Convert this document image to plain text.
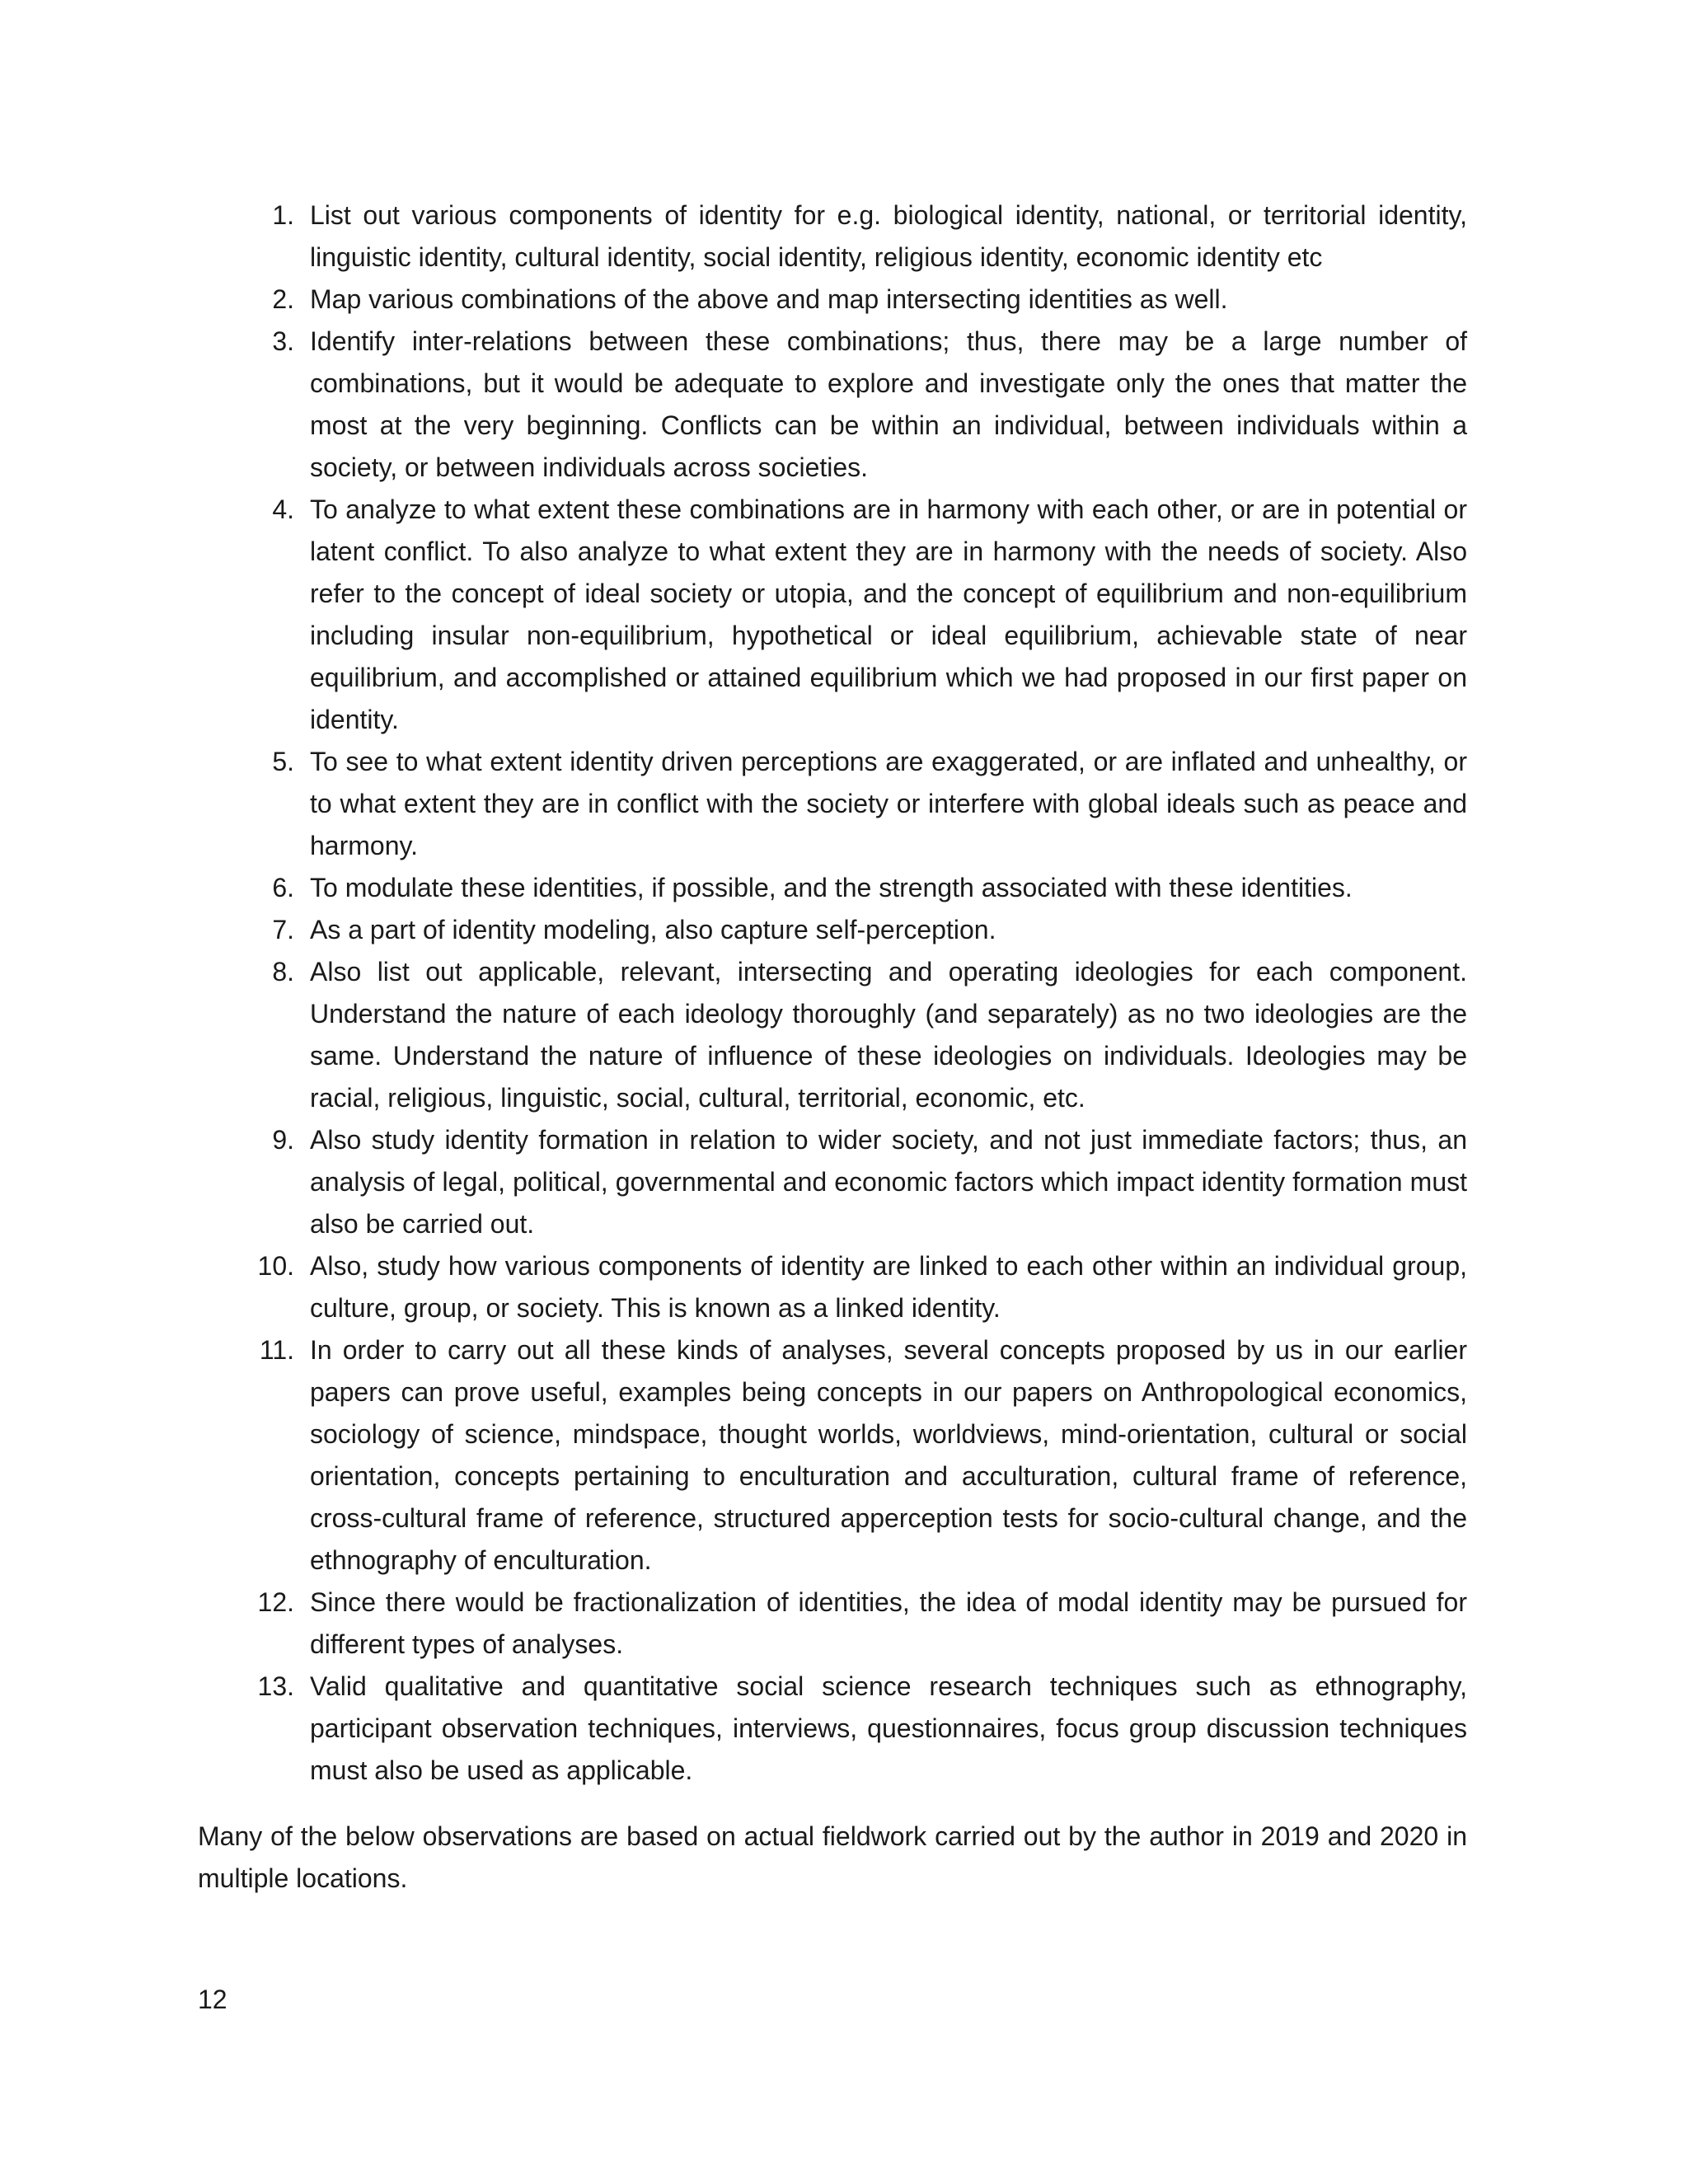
1. List out various components of identity for e.g. biological identity, national, or territorial identity, linguistic identity, cultural identity, social identity, religious identity, economic identity etc
2. Map various combinations of the above and map intersecting identities as well.
3. Identify inter-relations between these combinations; thus, there may be a large number of combinations, but it would be adequate to explore and investigate only the ones that matter the most at the very beginning. Conflicts can be within an individual, between individuals within a society, or between individuals across societies.
4. To analyze to what extent these combinations are in harmony with each other, or are in potential or latent conflict. To also analyze to what extent they are in harmony with the needs of society. Also refer to the concept of ideal society or utopia, and the concept of equilibrium and non-equilibrium including insular non-equilibrium, hypothetical or ideal equilibrium, achievable state of near equilibrium, and accomplished or attained equilibrium which we had proposed in our first paper on identity.
5. To see to what extent identity driven perceptions are exaggerated, or are inflated and unhealthy, or to what extent they are in conflict with the society or interfere with global ideals such as peace and harmony.
6. To modulate these identities, if possible, and the strength associated with these identities.
7. As a part of identity modeling, also capture self-perception.
8. Also list out applicable, relevant, intersecting and operating ideologies for each component. Understand the nature of each ideology thoroughly (and separately) as no two ideologies are the same. Understand the nature of influence of these ideologies on individuals. Ideologies may be racial, religious, linguistic, social, cultural, territorial, economic, etc.
9. Also study identity formation in relation to wider society, and not just immediate factors; thus, an analysis of legal, political, governmental and economic factors which impact identity formation must also be carried out.
10. Also, study how various components of identity are linked to each other within an individual group, culture, group, or society. This is known as a linked identity.
11. In order to carry out all these kinds of analyses, several concepts proposed by us in our earlier papers can prove useful, examples being concepts in our papers on Anthropological economics, sociology of science, mindspace, thought worlds, worldviews, mind-orientation, cultural or social orientation, concepts pertaining to enculturation and acculturation, cultural frame of reference, cross-cultural frame of reference, structured apperception tests for socio-cultural change, and the ethnography of enculturation.
12. Since there would be fractionalization of identities, the idea of modal identity may be pursued for different types of analyses.
13. Valid qualitative and quantitative social science research techniques such as ethnography, participant observation techniques, interviews, questionnaires, focus group discussion techniques must also be used as applicable.

Many of the below observations are based on actual fieldwork carried out by the author in 2019 and 2020 in multiple locations.

12
